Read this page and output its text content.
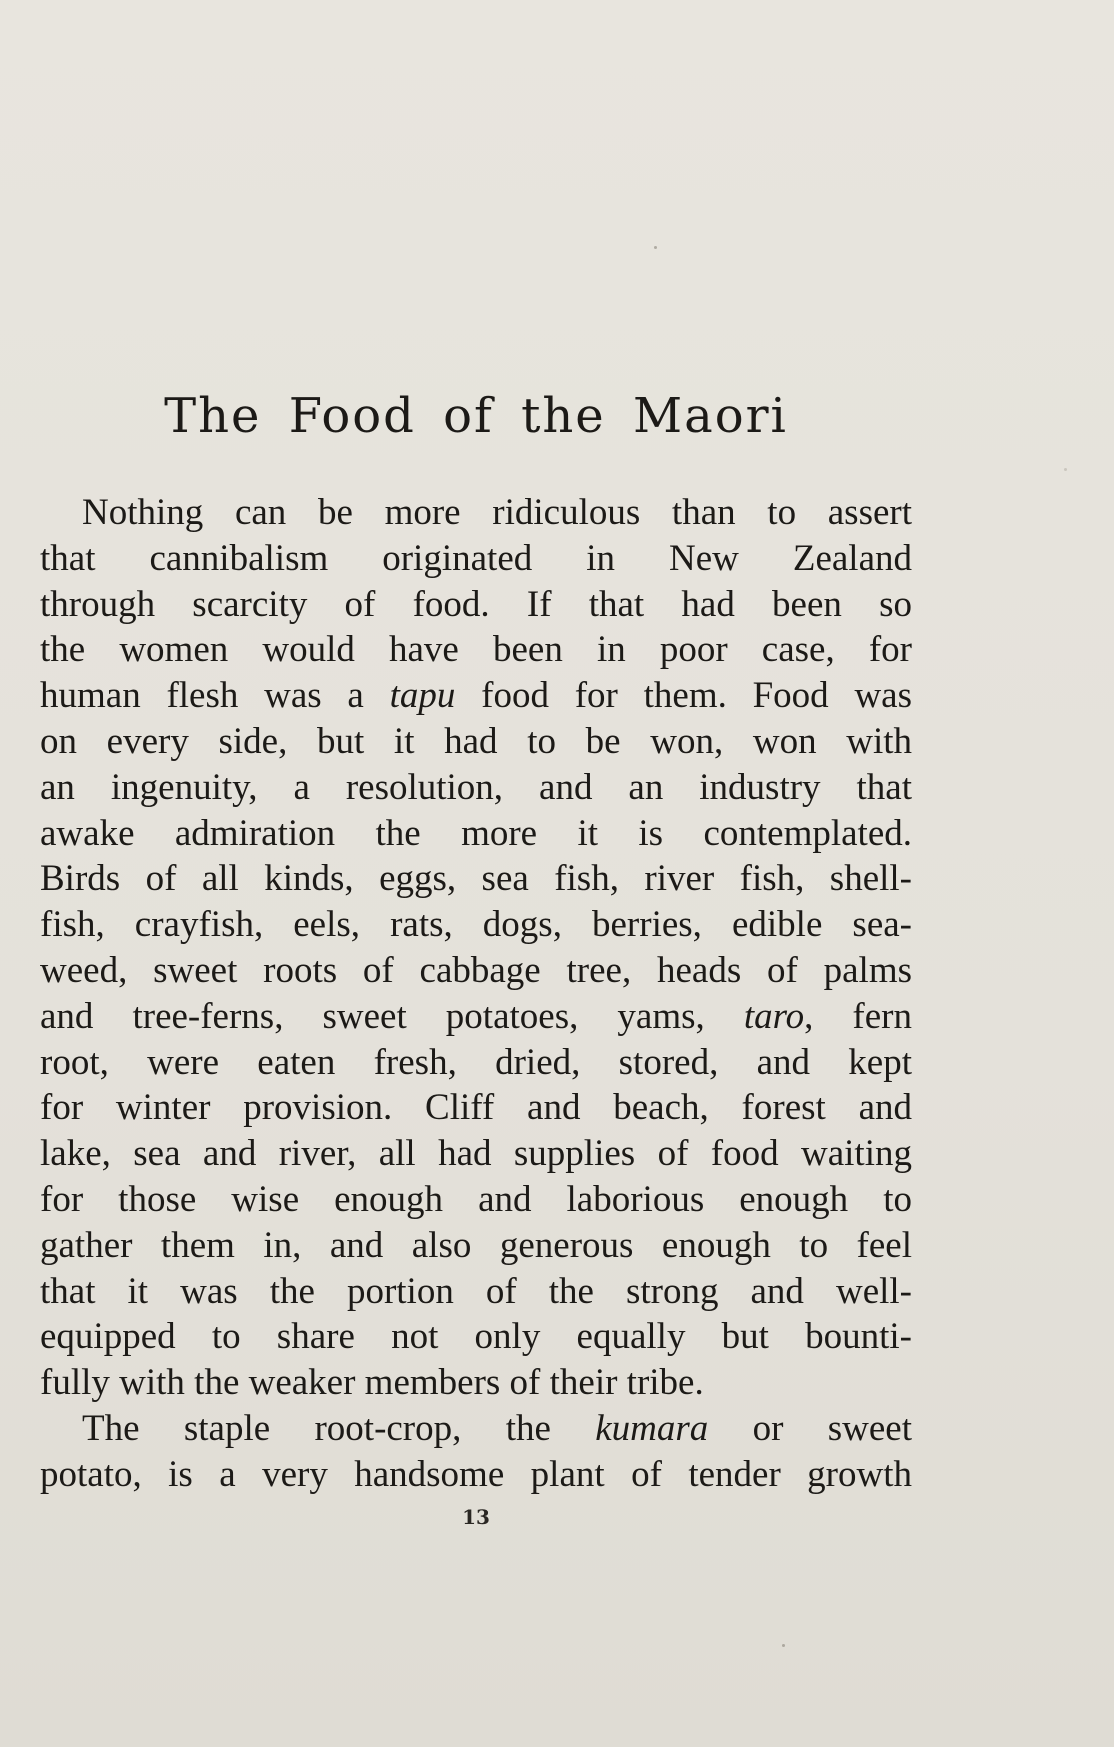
The Food of the Maori
Nothing can be more ridiculous than to assert
that cannibalism originated in New Zealand
through scarcity of food. If that had been so
the women would have been in poor case, for
human flesh was a tapu food for them. Food was
on every side, but it had to be won, won with
an ingenuity, a resolution, and an industry that
awake admiration the more it is contemplated.
Birds of all kinds, eggs, sea fish, river fish, shell-
fish, crayfish, eels, rats, dogs, berries, edible sea-
weed, sweet roots of cabbage tree, heads of palms
and tree-ferns, sweet potatoes, yams, taro, fern
root, were eaten fresh, dried, stored, and kept
for winter provision. Cliff and beach, forest and
lake, sea and river, all had supplies of food waiting
for those wise enough and laborious enough to
gather them in, and also generous enough to feel
that it was the portion of the strong and well-
equipped to share not only equally but bounti-
fully with the weaker members of their tribe.
The staple root-crop, the kumara or sweet
potato, is a very handsome plant of tender growth
13
